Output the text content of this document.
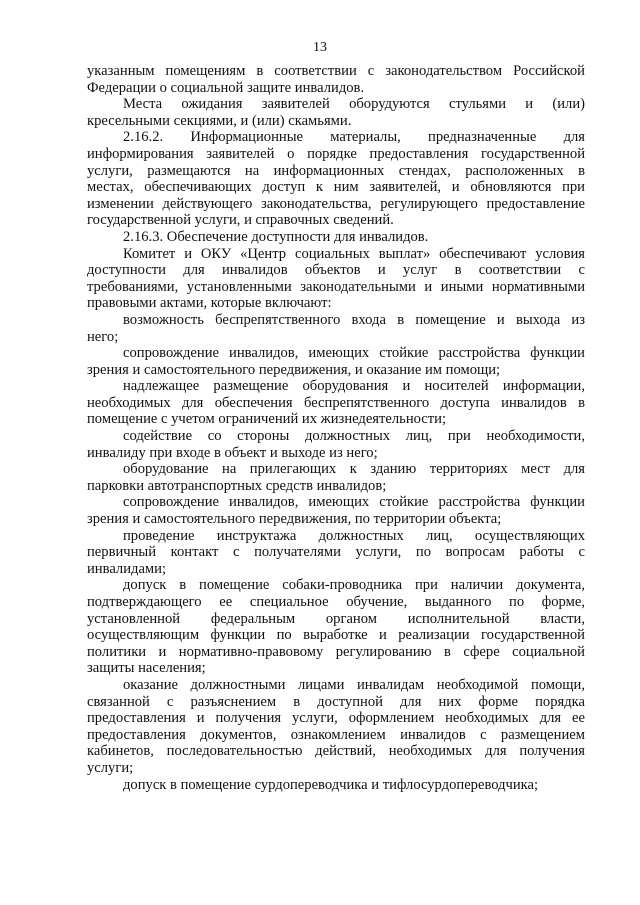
13
указанным помещениям в соответствии с законодательством Российской
Федерации о социальной защите инвалидов.
Места ожидания заявителей оборудуются стульями и (или)
кресельными секциями, и (или) скамьями.
2.16.2. Информационные материалы, предназначенные для
информирования заявителей о порядке предоставления государственной
услуги, размещаются на информационных стендах, расположенных в
местах, обеспечивающих доступ к ним заявителей, и обновляются при
изменении действующего законодательства, регулирующего предоставление
государственной услуги, и справочных сведений.
2.16.3. Обеспечение доступности для инвалидов.
Комитет и ОКУ «Центр социальных выплат» обеспечивают условия
доступности для инвалидов объектов и услуг в соответствии с
требованиями, установленными законодательными и иными нормативными
правовыми актами, которые включают:
возможность беспрепятственного входа в помещение и выхода из
него;
сопровождение инвалидов, имеющих стойкие расстройства функции
зрения и самостоятельного передвижения, и оказание им помощи;
надлежащее размещение оборудования и носителей информации,
необходимых для обеспечения беспрепятственного доступа инвалидов в
помещение с учетом ограничений их жизнедеятельности;
содействие со стороны должностных лиц, при необходимости,
инвалиду при входе в объект и выходе из него;
оборудование на прилегающих к зданию территориях мест для
парковки автотранспортных средств инвалидов;
сопровождение инвалидов, имеющих стойкие расстройства функции
зрения и самостоятельного передвижения, по территории объекта;
проведение инструктажа должностных лиц, осуществляющих
первичный контакт с получателями услуги, по вопросам работы с
инвалидами;
допуск в помещение собаки-проводника при наличии документа,
подтверждающего ее специальное обучение, выданного по форме,
установленной федеральным органом исполнительной власти,
осуществляющим функции по выработке и реализации государственной
политики и нормативно-правовому регулированию в сфере социальной
защиты населения;
оказание должностными лицами инвалидам необходимой помощи,
связанной с разъяснением в доступной для них форме порядка
предоставления и получения услуги, оформлением необходимых для ее
предоставления документов, ознакомлением инвалидов с размещением
кабинетов, последовательностью действий, необходимых для получения
услуги;
допуск в помещение сурдопереводчика и тифлосурдопереводчика;
